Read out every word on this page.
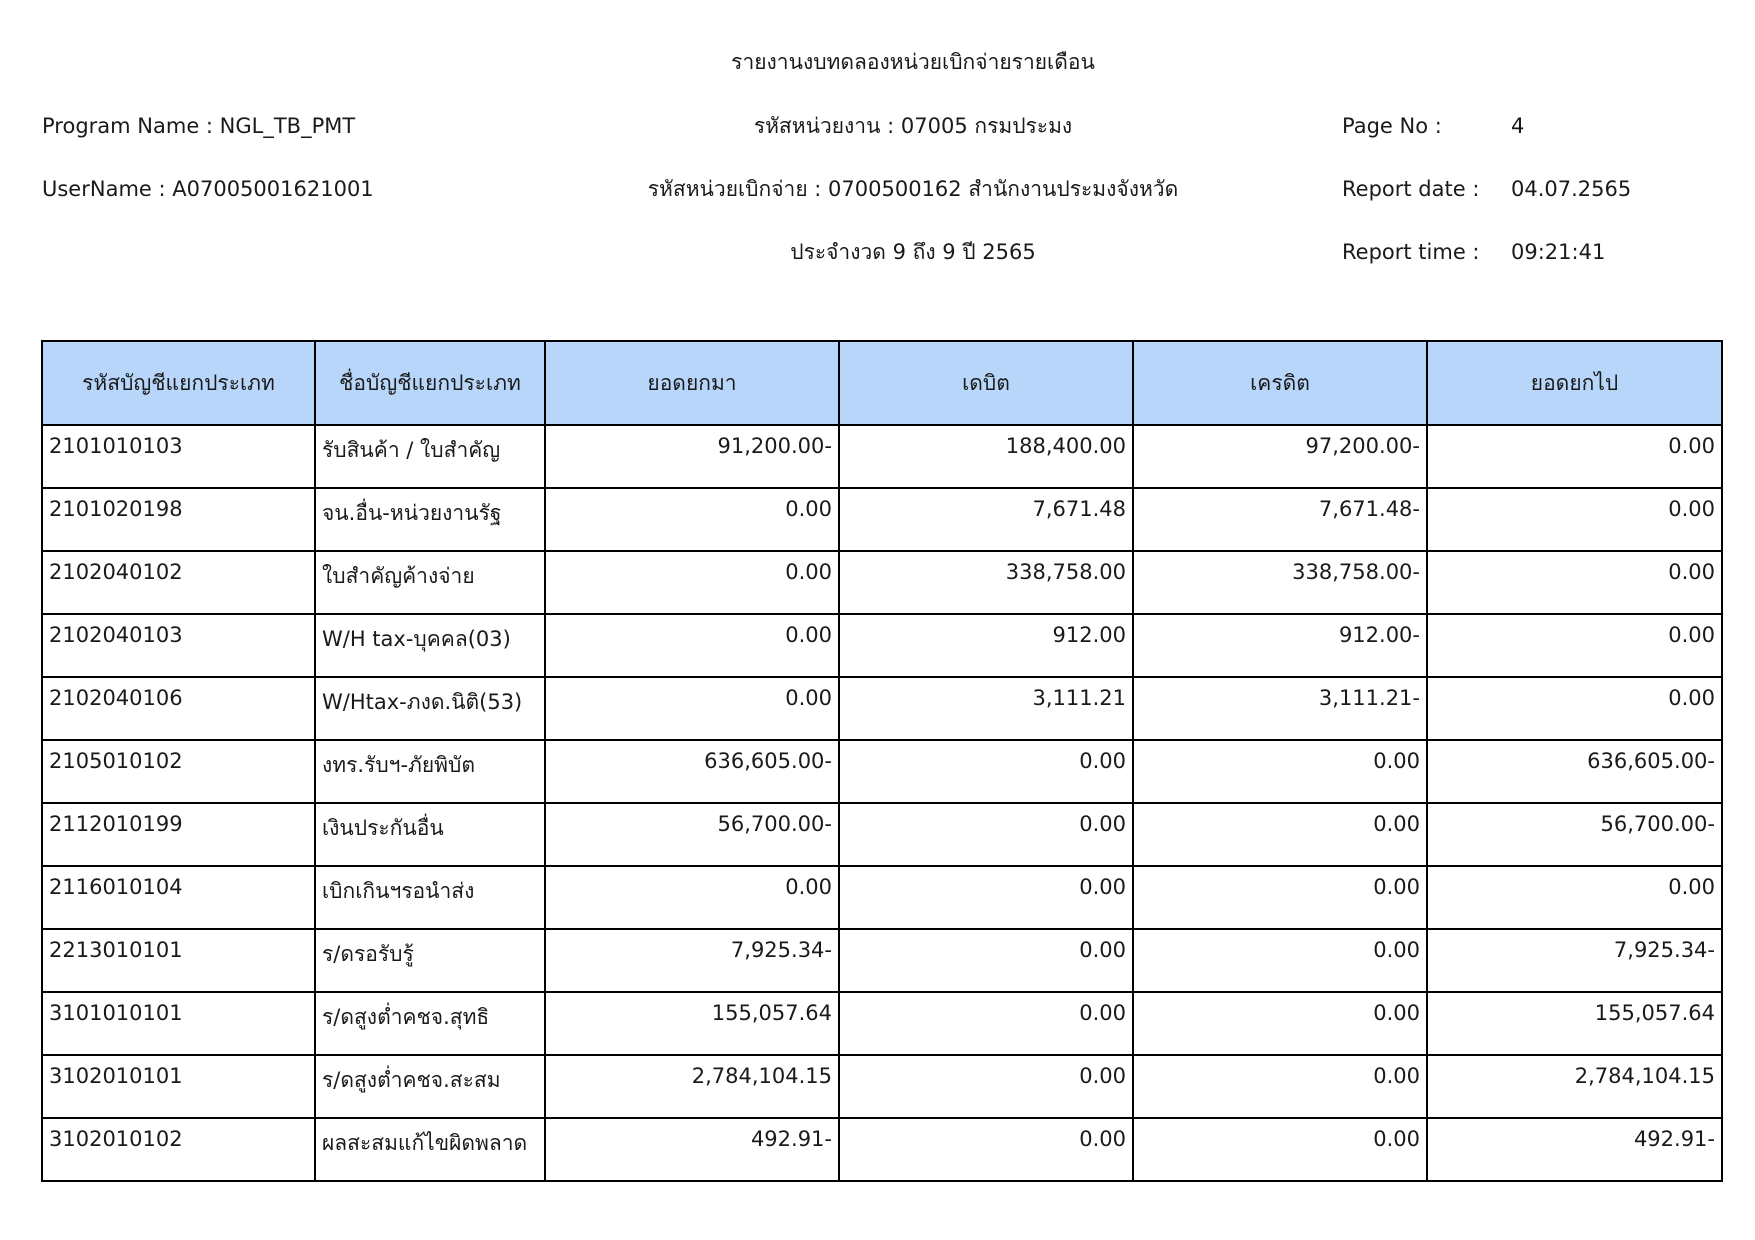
รายงานงบทดลองหน่วยเบิกจ่ายรายเดือน
Program Name : NGL_TB_PMT	รหัสหน่วยงาน : 07005 กรมประมง	Page No :	4
UserName : A07005001621001	รหัสหน่วยเบิกจ่าย : 0700500162 สำนักงานประมงจังหวัด	Report date : 04.07.2565
ประจำงวด 9 ถึง 9 ปี 2565	Report time : 09:21:41
รหัสบัญชีแยกประเภท	ชื่อบัญชีแยกประเภท	ยอดยกมา	เดบิต	เครดิต	ยอดยกไป
2101010103	รับสินค้า / ใบสำคัญ	91,200.00-	188,400.00	97,200.00-	0.00
2101020198	จน.อื่น-หน่วยงานรัฐ	0.00	7,671.48	7,671.48-	0.00
2102040102	ใบสำคัญค้างจ่าย	0.00	338,758.00	338,758.00-	0.00
2102040103	W/H tax-บุคคล(03)	0.00	912.00	912.00-	0.00
2102040106	W/Htax-ภงด.นิติ(53)	0.00	3,111.21	3,111.21-	0.00
2105010102	งทร.รับฯ-ภัยพิบัต	636,605.00-	0.00	0.00	636,605.00-
2112010199	เงินประกันอื่น	56,700.00-	0.00	0.00	56,700.00-
2116010104	เบิกเกินฯรอนำส่ง	0.00	0.00	0.00	0.00
2213010101	ร/ดรอรับรู้	7,925.34-	0.00	0.00	7,925.34-
3101010101	ร/ดสูงต่ำคชจ.สุทธิ	155,057.64	0.00	0.00	155,057.64
3102010101	ร/ดสูงต่ำคชจ.สะสม	2,784,104.15	0.00	0.00	2,784,104.15
3102010102	ผลสะสมแก้ไขผิดพลาด	492.91-	0.00	0.00	492.91-
